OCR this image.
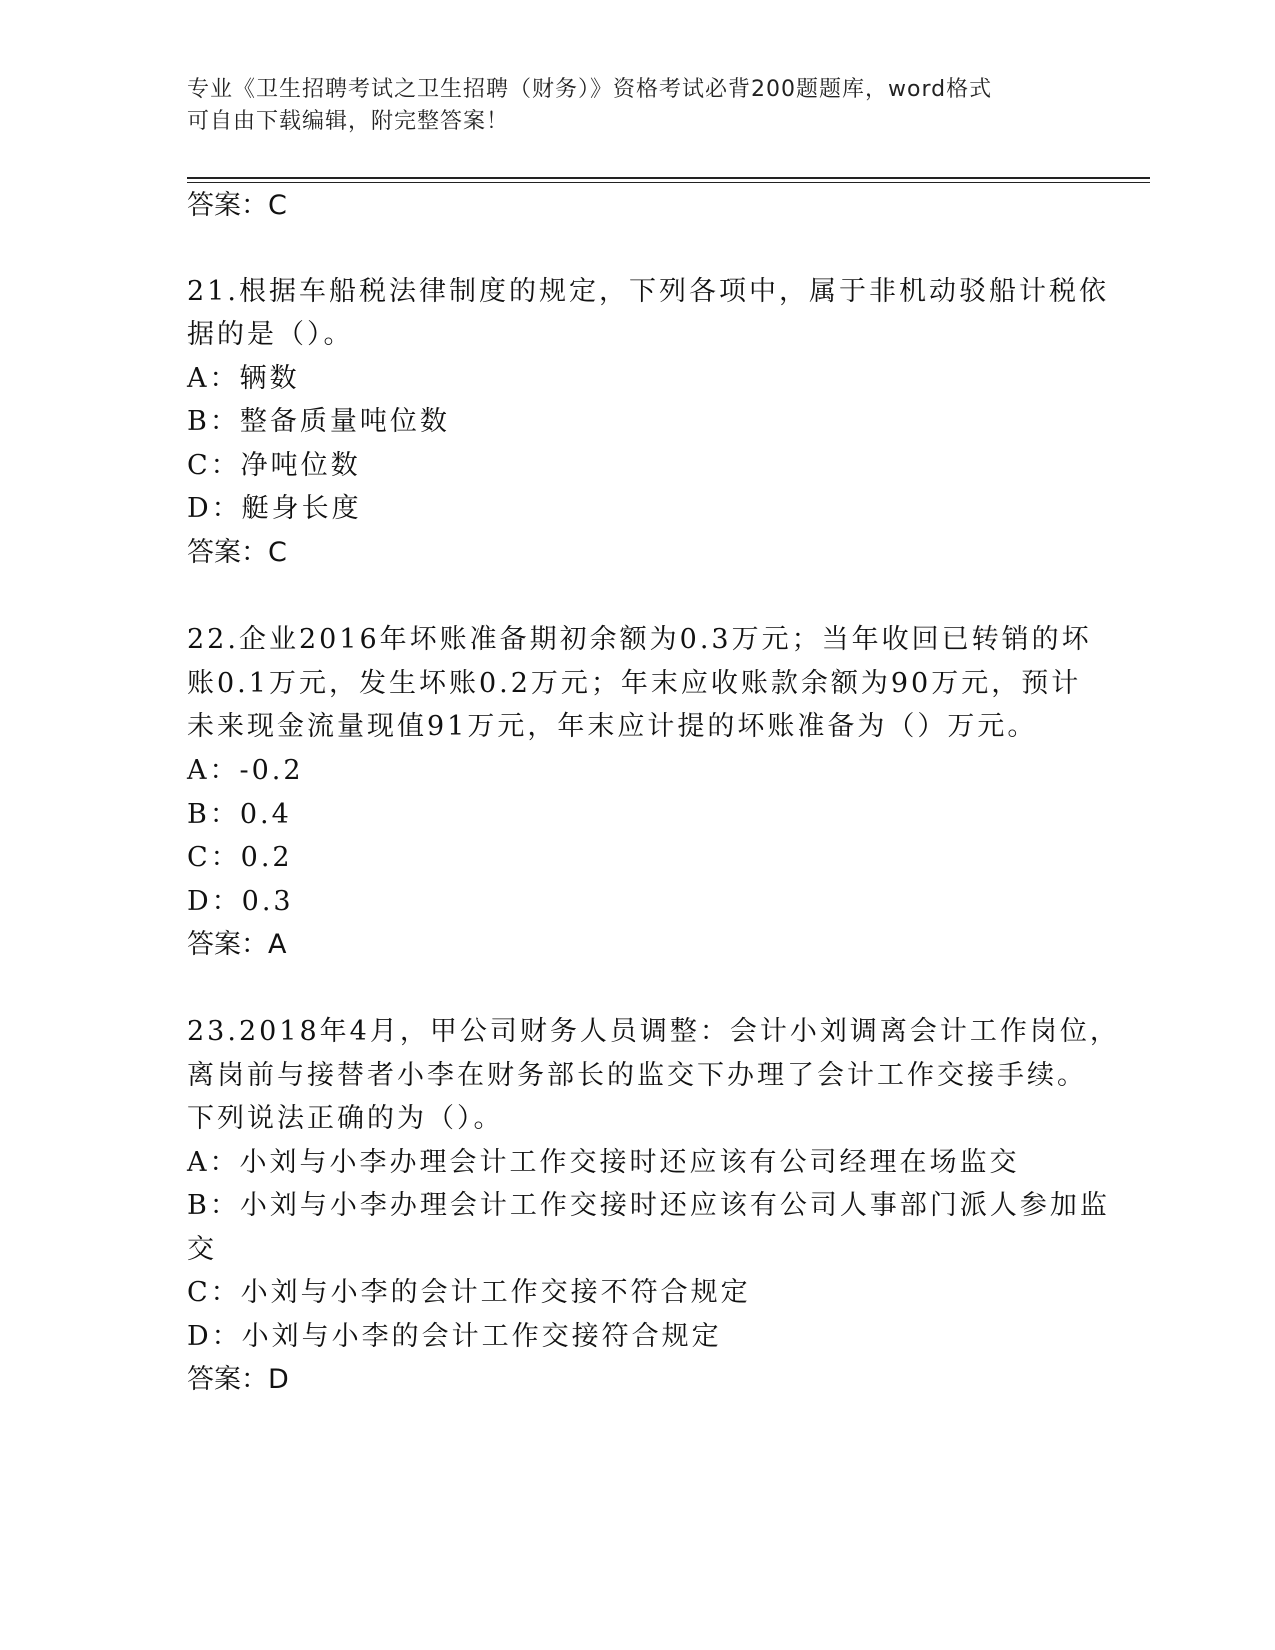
专业《卫生招聘考试之卫生招聘（财务）》资格考试必背200题题库，word格式
可自由下载编辑，附完整答案！
答案：C
21.根据车船税法律制度的规定，下列各项中，属于非机动驳船计税依
据的是（）。
A：辆数
B：整备质量吨位数
C：净吨位数
D：艇身长度
答案：C
22.企业2016年坏账准备期初余额为0.3万元；当年收回已转销的坏
账0.1万元，发生坏账0.2万元；年末应收账款余额为90万元，预计
未来现金流量现值91万元，年末应计提的坏账准备为（）万元。
A：-0.2
B：0.4
C：0.2
D：0.3
答案：A
23.2018年4月，甲公司财务人员调整：会计小刘调离会计工作岗位，
离岗前与接替者小李在财务部长的监交下办理了会计工作交接手续。
下列说法正确的为（）。
A：小刘与小李办理会计工作交接时还应该有公司经理在场监交
B：小刘与小李办理会计工作交接时还应该有公司人事部门派人参加监
交
C：小刘与小李的会计工作交接不符合规定
D：小刘与小李的会计工作交接符合规定
答案：D
